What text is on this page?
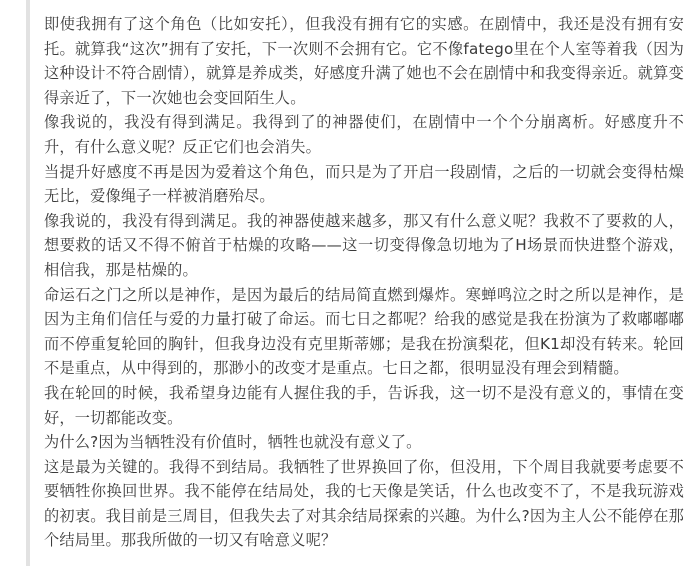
即使我拥有了这个角色（比如安托），但我没有拥有它的实感。在剧情中，我还是没有拥有安托。就算我“这次”拥有了安托，下一次则不会拥有它。它不像fatego里在个人室等着我（因为这种设计不符合剧情），就算是养成类，好感度升满了她也不会在剧情中和我变得亲近。就算变得亲近了，下一次她也会变回陌生人。

像我说的，我没有得到满足。我得到了的神器使们，在剧情中一个个分崩离析。好感度升不升，有什么意义呢？反正它们也会消失。

当提升好感度不再是因为爱着这个角色，而只是为了开启一段剧情，之后的一切就会变得枯燥无比，爱像绳子一样被消磨殆尽。

像我说的，我没有得到满足。我的神器使越来越多，那又有什么意义呢？我救不了要救的人，想要救的话又不得不俯首于枯燥的攻略——这一切变得像急切地为了H场景而快进整个游戏，相信我，那是枯燥的。

命运石之门之所以是神作，是因为最后的结局简直燃到爆炸。寒蝉鸣泣之时之所以是神作，是因为主角们信任与爱的力量打破了命运。而七日之都呢？给我的感觉是我在扮演为了救嘟嘟嘟而不停重复轮回的胸针，但我身边没有克里斯蒂娜；是我在扮演梨花，但K1却没有转来。轮回不是重点，从中得到的，那渺小的改变才是重点。七日之都，很明显没有理会到精髓。

我在轮回的时候，我希望身边能有人握住我的手，告诉我，这一切不是没有意义的，事情在变好，一切都能改变。

为什么?因为当牺牲没有价值时，牺牲也就没有意义了。

这是最为关键的。我得不到结局。我牺牲了世界换回了你，但没用，下个周目我就要考虑要不要牺牲你换回世界。我不能停在结局处，我的七天像是笑话，什么也改变不了，不是我玩游戏的初衷。我目前是三周目，但我失去了对其余结局探索的兴趣。为什么?因为主人公不能停在那个结局里。那我所做的一切又有啥意义呢？
